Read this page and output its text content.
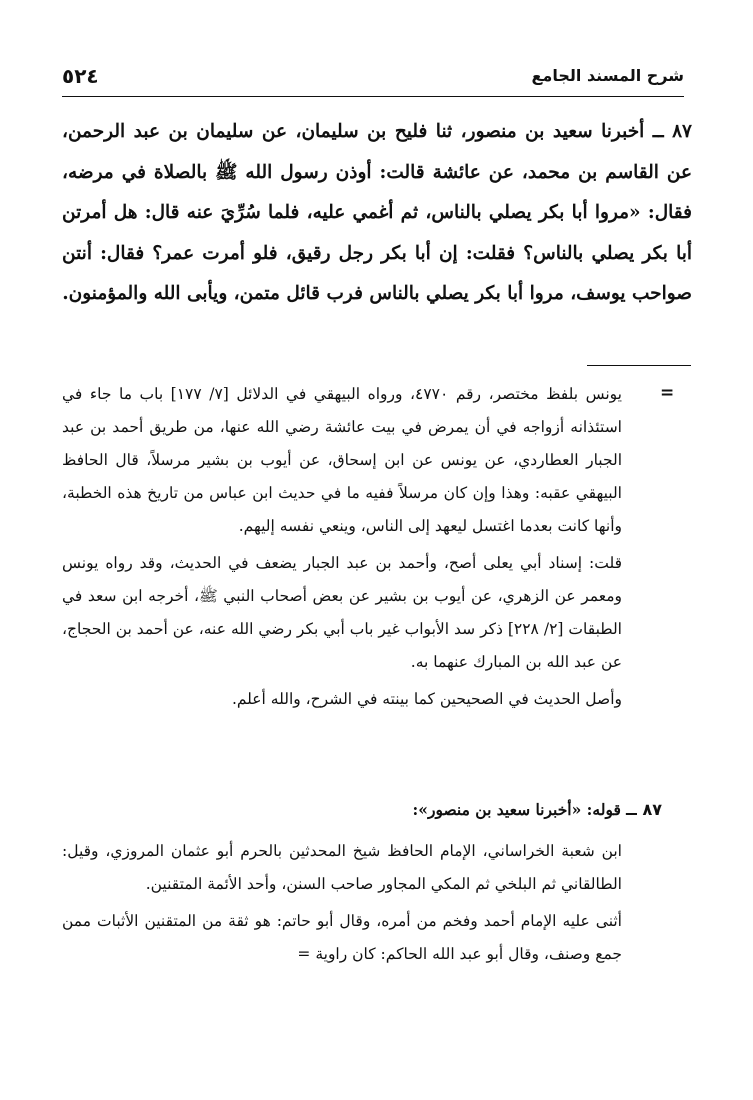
٥٢٤	شرح المسند الجامع

٨٧ ــ أخبرنا سعيد بن منصور، ثنا فليح بن سليمان، عن سليمان بن عبد الرحمن، عن القاسم بن محمد، عن عائشة قالت: أوذن رسول الله ﷺ بالصلاة في مرضه، فقال: «مروا أبا بكر يصلي بالناس، ثم أغمي عليه، فلما سُرِّيَ عنه قال: هل أمرتن أبا بكر يصلي بالناس؟ فقلت: إن أبا بكر رجل رقيق، فلو أمرت عمر؟ فقال: أنتن صواحب يوسف، مروا أبا بكر يصلي بالناس فرب قائل متمن، ويأبى الله والمؤمنون.

=

يونس بلفظ مختصر، رقم ٤٧٧٠، ورواه البيهقي في الدلائل [٧/ ١٧٧] باب ما جاء في استئذانه أزواجه في أن يمرض في بيت عائشة رضي الله عنها، من طريق أحمد بن عبد الجبار العطاردي، عن يونس عن ابن إسحاق، عن أيوب بن بشير مرسلاً، قال الحافظ البيهقي عقبه: وهذا وإن كان مرسلاً ففيه ما في حديث ابن عباس من تاريخ هذه الخطبة، وأنها كانت بعدما اغتسل ليعهد إلى الناس، وينعي نفسه إليهم.

قلت: إسناد أبي يعلى أصح، وأحمد بن عبد الجبار يضعف في الحديث، وقد رواه يونس ومعمر عن الزهري، عن أيوب بن بشير عن بعض أصحاب النبي ﷺ، أخرجه ابن سعد في الطبقات [٢/ ٢٢٨] ذكر سد الأبواب غير باب أبي بكر رضي الله عنه، عن أحمد بن الحجاج، عن عبد الله بن المبارك عنهما به.

وأصل الحديث في الصحيحين كما بينته في الشرح، والله أعلم.

٨٧ ــ قوله: «أخبرنا سعيد بن منصور»:

ابن شعبة الخراساني، الإمام الحافظ شيخ المحدثين بالحرم أبو عثمان المروزي، وقيل: الطالقاني ثم البلخي ثم المكي المجاور صاحب السنن، وأحد الأئمة المتقنين.

أثنى عليه الإمام أحمد وفخم من أمره، وقال أبو حاتم: هو ثقة من المتقنين الأثبات ممن جمع وصنف، وقال أبو عبد الله الحاكم: كان راوية =
